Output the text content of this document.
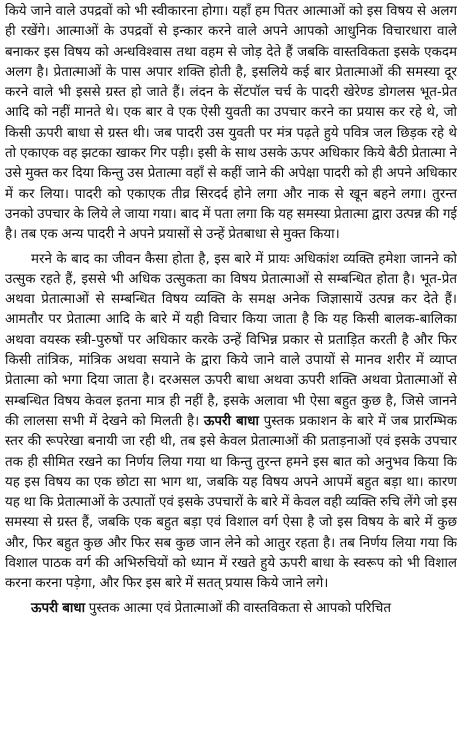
किये जाने वाले उपद्रवों को भी स्वीकारना होगा। यहाँ हम पितर आत्माओं को इस विषय से अलग ही रखेंगे। आत्माओं के उपद्रवों से इन्कार करने वाले अपने आपको आधुनिक विचारधारा वाले बनाकर इस विषय को अन्धविश्वास तथा वहम से जोड़ देते हैं जबकि वास्तविकता इसके एकदम अलग है। प्रेतात्माओं के पास अपार शक्ति होती है, इसलिये कई बार प्रेतात्माओं की समस्या दूर करने वाले भी इससे ग्रस्त हो जाते हैं। लंदन के सेंटपॉल चर्च के पादरी खेरेण्ड डोगलस भूत-प्रेत आदि को नहीं मानते थे। एक बार वे एक ऐसी युवती का उपचार करने का प्रयास कर रहे थे, जो किसी ऊपरी बाधा से ग्रस्त थी। जब पादरी उस युवती पर मंत्र पढ़ते हुये पवित्र जल छिड़क रहे थे तो एकाएक वह झटका खाकर गिर पड़ी। इसी के साथ उसके ऊपर अधिकार किये बैठी प्रेतात्मा ने उसे मुक्त कर दिया किन्तु उस प्रेतात्मा वहाँ से कहीं जाने की अपेक्षा पादरी को ही अपने अधिकार में कर लिया। पादरी को एकाएक तीव्र सिरदर्द होने लगा और नाक से खून बहने लगा। तुरन्त उनको उपचार के लिये ले जाया गया। बाद में पता लगा कि यह समस्या प्रेतात्मा द्वारा उत्पन्न की गई है। तब एक अन्य पादरी ने अपने प्रयासों से उन्हें प्रेतबाधा से मुक्त किया।

मरने के बाद का जीवन कैसा होता है, इस बारे में प्रायः अधिकांश व्यक्ति हमेशा जानने को उत्सुक रहते हैं, इससे भी अधिक उत्सुकता का विषय प्रेतात्माओं से सम्बन्धित होता है। भूत-प्रेत अथवा प्रेतात्माओं से सम्बन्धित विषय व्यक्ति के समक्ष अनेक जिज्ञासायें उत्पन्न कर देते हैं। आमतौर पर प्रेतात्मा आदि के बारे में यही विचार किया जाता है कि यह किसी बालक-बालिका अथवा वयस्क स्त्री-पुरुषों पर अधिकार करके उन्हें विभिन्न प्रकार से प्रताड़ित करती है और फिर किसी तांत्रिक, मांत्रिक अथवा सयाने के द्वारा किये जाने वाले उपायों से मानव शरीर में व्याप्त प्रेतात्मा को भगा दिया जाता है। दरअसल ऊपरी बाधा अथवा ऊपरी शक्ति अथवा प्रेतात्माओं से सम्बन्धित विषय केवल इतना मात्र ही नहीं है, इसके अलावा भी ऐसा बहुत कुछ है, जिसे जानने की लालसा सभी में देखने को मिलती है। ऊपरी बाधा पुस्तक प्रकाशन के बारे में जब प्रारम्भिक स्तर की रूपरेखा बनायी जा रही थी, तब इसे केवल प्रेतात्माओं की प्रताड़नाओं एवं इसके उपचार तक ही सीमित रखने का निर्णय लिया गया था किन्तु तुरन्त हमने इस बात को अनुभव किया कि यह इस विषय का एक छोटा सा भाग था, जबकि यह विषय अपने आपमें बहुत बड़ा था। कारण यह था कि प्रेतात्माओं के उत्पातों एवं इसके उपचारों के बारे में केवल वही व्यक्ति रुचि लेंगे जो इस समस्या से ग्रस्त हैं, जबकि एक बहुत बड़ा एवं विशाल वर्ग ऐसा है जो इस विषय के बारे में कुछ और, फिर बहुत कुछ और फिर सब कुछ जान लेने को आतुर रहता है। तब निर्णय लिया गया कि विशाल पाठक वर्ग की अभिरुचियों को ध्यान में रखते हुये ऊपरी बाधा के स्वरूप को भी विशाल करना करना पड़ेगा, और फिर इस बारे में सतत् प्रयास किये जाने लगे।

ऊपरी बाधा पुस्तक आत्मा एवं प्रेतात्माओं की वास्तविकता से आपको परिचित
